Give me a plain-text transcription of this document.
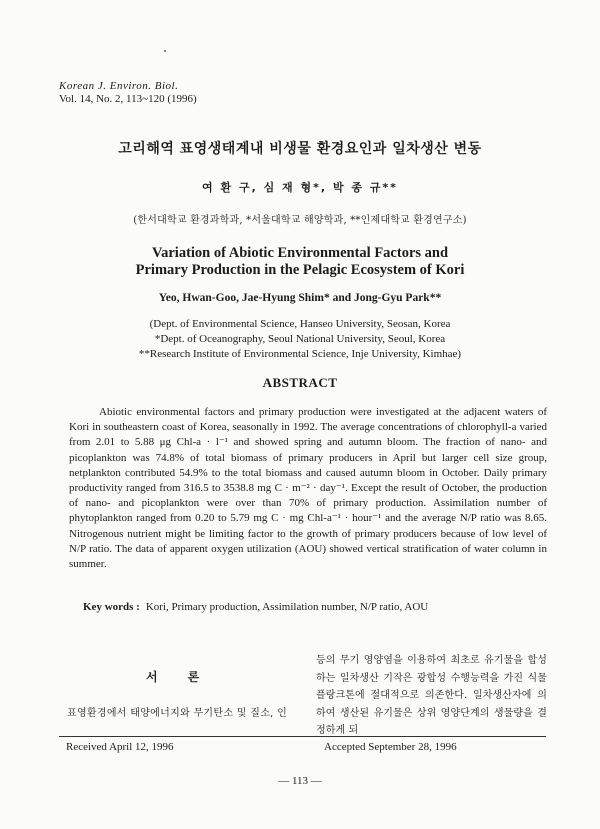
Korean J. Environ. Biol.
Vol. 14, No. 2, 113~120 (1996)
고리해역 표영생태계내 비생물 환경요인과 일차생산 변동
여 환 구, 심 재 형*, 박 종 규**
(한서대학교 환경과학과, *서울대학교 해양학과, **인제대학교 환경연구소)
Variation of Abiotic Environmental Factors and
Primary Production in the Pelagic Ecosystem of Kori
Yeo, Hwan-Goo, Jae-Hyung Shim* and Jong-Gyu Park**
(Dept. of Environmental Science, Hanseo University, Seosan, Korea
*Dept. of Oceanography, Seoul National University, Seoul, Korea
**Research Institute of Environmental Science, Inje University, Kimhae)
ABSTRACT

Abiotic environmental factors and primary production were investigated at the adjacent waters of Kori in southeastern coast of Korea, seasonally in 1992. The average concentrations of chlorophyll-a varied from 2.01 to 5.88 μg Chl-a · l⁻¹ and showed spring and autumn bloom. The fraction of nano- and picoplankton was 74.8% of total biomass of primary producers in April but larger cell size group, netplankton contributed 54.9% to the total biomass and caused autumn bloom in October. Daily primary productivity ranged from 316.5 to 3538.8 mg C · m⁻² · day⁻¹. Except the result of October, the production of nano- and picoplankton were over than 70% of primary production. Assimilation number of phytoplankton ranged from 0.20 to 5.79 mg C · mg Chl-a⁻¹ · hour⁻¹ and the average N/P ratio was 8.65. Nitrogenous nutrient might be limiting factor to the growth of primary producers because of low level of N/P ratio. The data of apparent oxygen utilization (AOU) showed vertical stratification of water column in summer.

Key words : Kori, Primary production, Assimilation number, N/P ratio, AOU
서	론
표영환경에서 태양에너지와 무기탄소 및 질소, 인
등의 무기 영양염을 이용하여 최초로 유기물을 합성하는 일차생산 기작은 광합성 수행능력을 가진 식물플랑크톤에 절대적으로 의존한다. 일차생산자에 의하여 생산된 유기물은 상위 영양단계의 생물량을 결정하게 되
Received April 12, 1996	Accepted September 28, 1996
— 113 —
